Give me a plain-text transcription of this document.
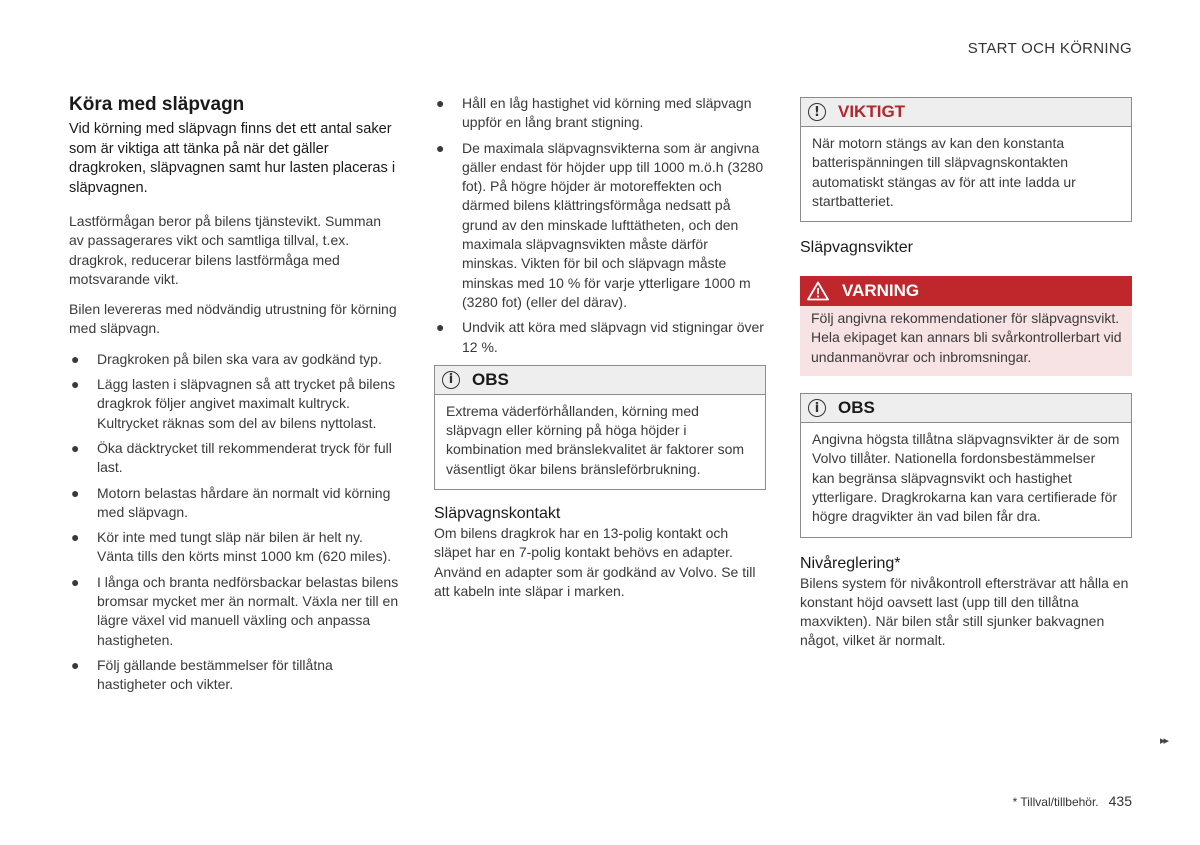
START OCH KÖRNING
Köra med släpvagn

Vid körning med släpvagn finns det ett antal saker som är viktiga att tänka på när det gäller dragkroken, släpvagnen samt hur lasten placeras i släpvagnen.

Lastförmågan beror på bilens tjänstevikt. Summan av passagerares vikt och samtliga tillval, t.ex. dragkrok, reducerar bilens lastförmåga med motsvarande vikt.

Bilen levereras med nödvändig utrustning för körning med släpvagn.

● Dragkroken på bilen ska vara av godkänd typ.
● Lägg lasten i släpvagnen så att trycket på bilens dragkrok följer angivet maximalt kultryck. Kultrycket räknas som del av bilens nyttolast.
● Öka däcktrycket till rekommenderat tryck för full last.
● Motorn belastas hårdare än normalt vid körning med släpvagn.
● Kör inte med tungt släp när bilen är helt ny. Vänta tills den körts minst 1000 km (620 miles).
● I långa och branta nedförsbackar belastas bilens bromsar mycket mer än normalt. Växla ner till en lägre växel vid manuell växling och anpassa hastigheten.
● Följ gällande bestämmelser för tillåtna hastigheter och vikter.
● Håll en låg hastighet vid körning med släpvagn uppför en lång brant stigning.
● De maximala släpvagnsvikterna som är angivna gäller endast för höjder upp till 1000 m.ö.h (3280 fot). På högre höjder är motoreffekten och därmed bilens klättringsförmåga nedsatt på grund av den minskade lufttätheten, och den maximala släpvagnsvikten måste därför minskas. Vikten för bil och släpvagn måste minskas med 10 % för varje ytterligare 1000 m (3280 fot) (eller del därav).
● Undvik att köra med släpvagn vid stigningar över 12 %.
i	OBS
Extrema väderförhållanden, körning med släpvagn eller körning på höga höjder i kombination med bränslekvalitet är faktorer som väsentligt ökar bilens bränsleförbrukning.
Släpvagnskontakt

Om bilens dragkrok har en 13-polig kontakt och släpet har en 7-polig kontakt behövs en adapter. Använd en adapter som är godkänd av Volvo. Se till att kabeln inte släpar i marken.

!	VIKTIGT
När motorn stängs av kan den konstanta batterispänningen till släpvagnskontakten automatiskt stängas av för att inte ladda ur startbatteriet.
Släpvagnsvikter
VARNING
Följ angivna rekommendationer för släpvagnsvikt. Hela ekipaget kan annars bli svårkontrollerbart vid undanmanövrar och inbromsningar.
i	OBS
Angivna högsta tillåtna släpvagnsvikter är de som Volvo tillåter. Nationella fordonsbestämmelser kan begränsa släpvagnsvikt och hastighet ytterligare. Dragkrokarna kan vara certifierade för högre dragvikter än vad bilen får dra.
Nivåreglering*

Bilens system för nivåkontroll eftersträvar att hålla en konstant höjd oavsett last (upp till den tillåtna maxvikten). När bilen står still sjunker bakvagnen något, vilket är normalt.

▸▸
* Tillval/tillbehör. 435
